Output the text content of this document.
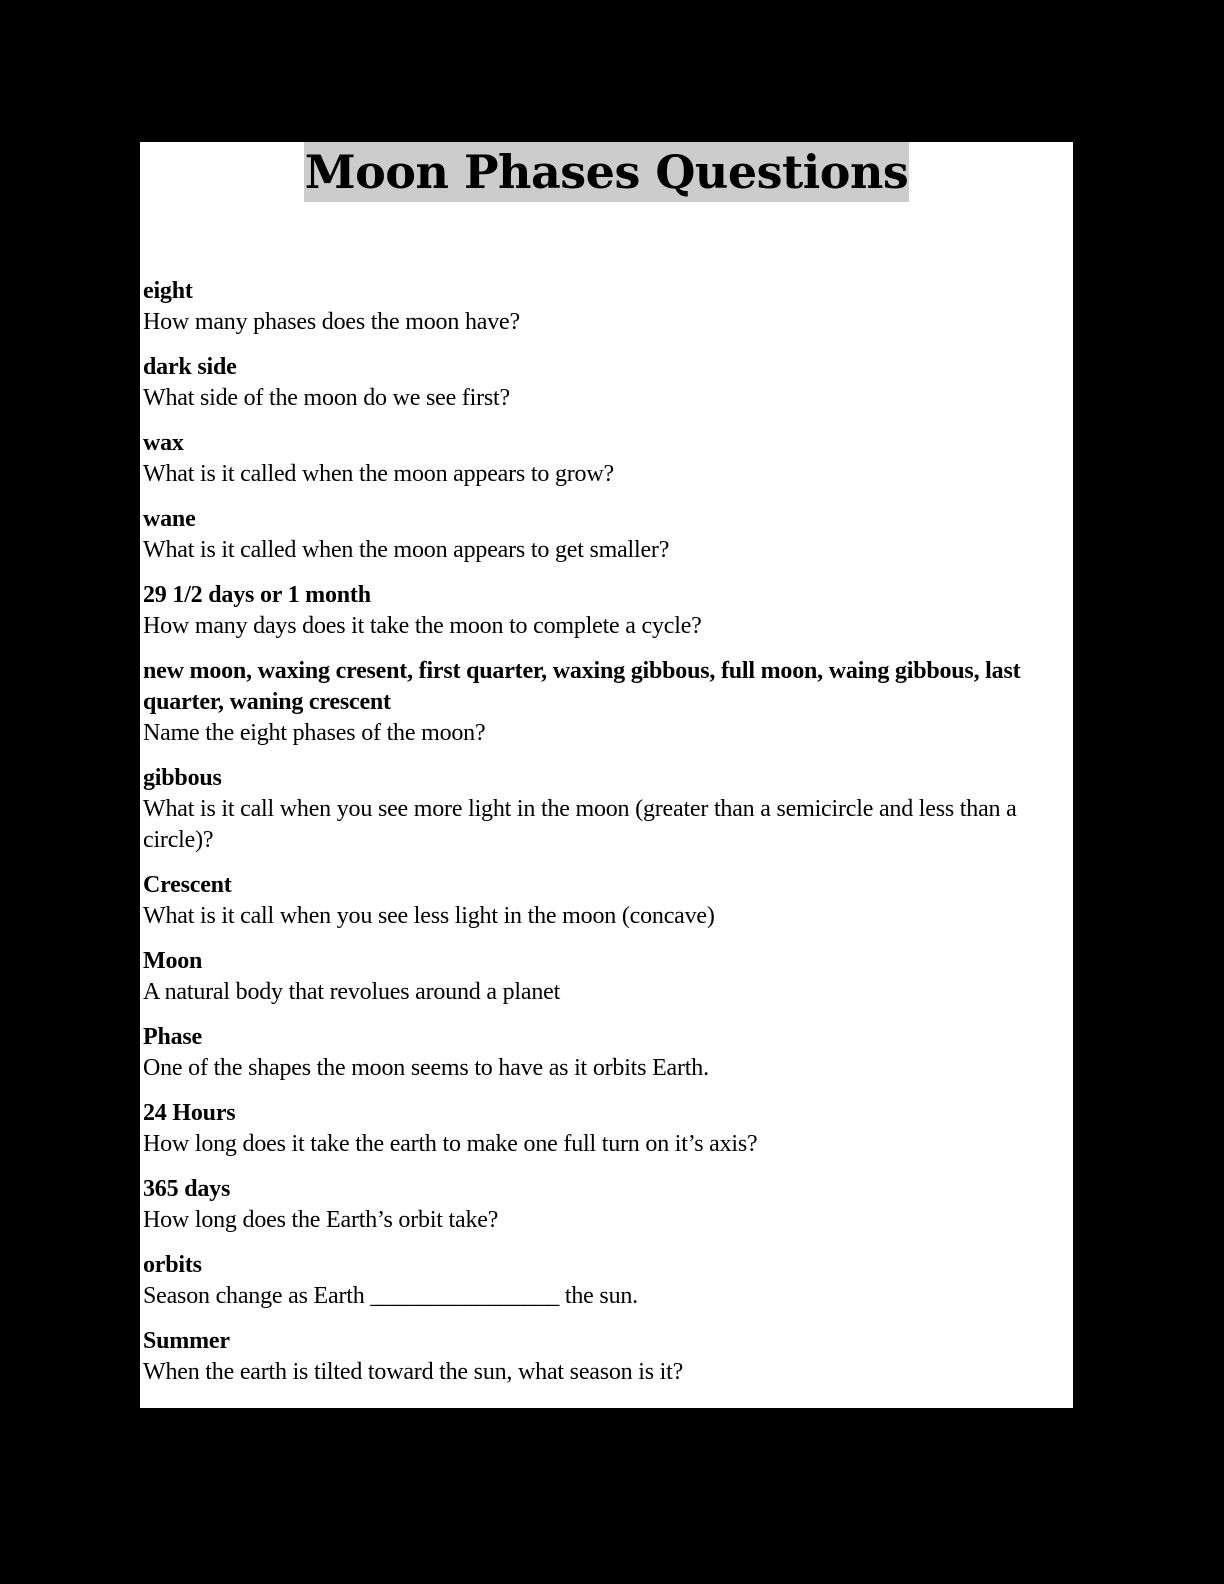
Moon Phases Questions
eight
How many phases does the moon have?
dark side
What side of the moon do we see first?
wax
What is it called when the moon appears to grow?
wane
What is it called when the moon appears to get smaller?
29 1/2 days or 1 month
How many days does it take the moon to complete a cycle?
new moon, waxing cresent, first quarter, waxing gibbous, full moon, waing gibbous, last quarter, waning crescent
Name the eight phases of the moon?
gibbous
What is it call when you see more light in the moon (greater than a semicircle and less than a circle)?
Crescent
What is it call when you see less light in the moon (concave)
Moon
A natural body that revolues around a planet
Phase
One of the shapes the moon seems to have as it orbits Earth.
24 Hours
How long does it take the earth to make one full turn on it’s axis?
365 days
How long does the Earth’s orbit take?
orbits
Season change as Earth ________________ the sun.
Summer
When the earth is tilted toward the sun, what season is it?
